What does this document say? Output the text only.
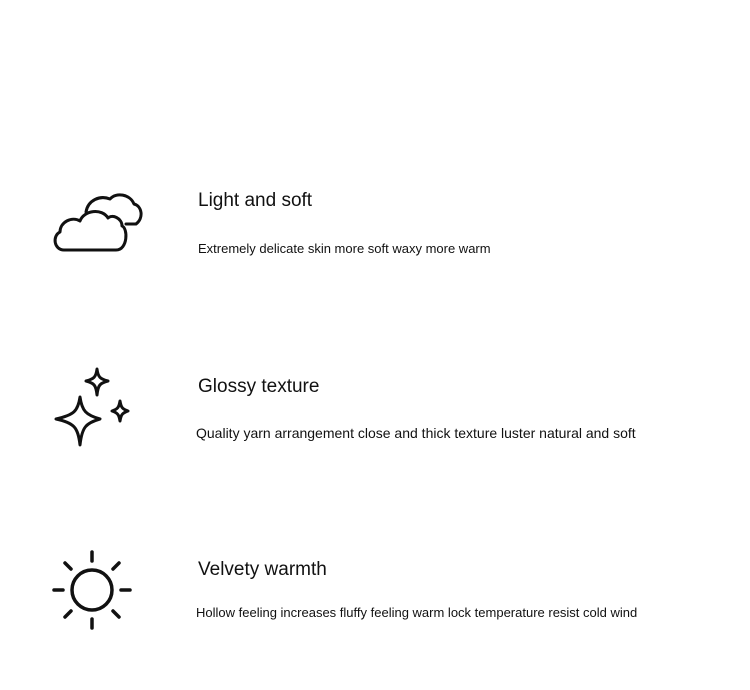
Light and soft
Extremely delicate skin more soft waxy more warm
Glossy texture
Quality yarn arrangement close and thick texture luster natural and soft
Velvety warmth
Hollow feeling increases fluffy feeling warm lock temperature resist cold wind
